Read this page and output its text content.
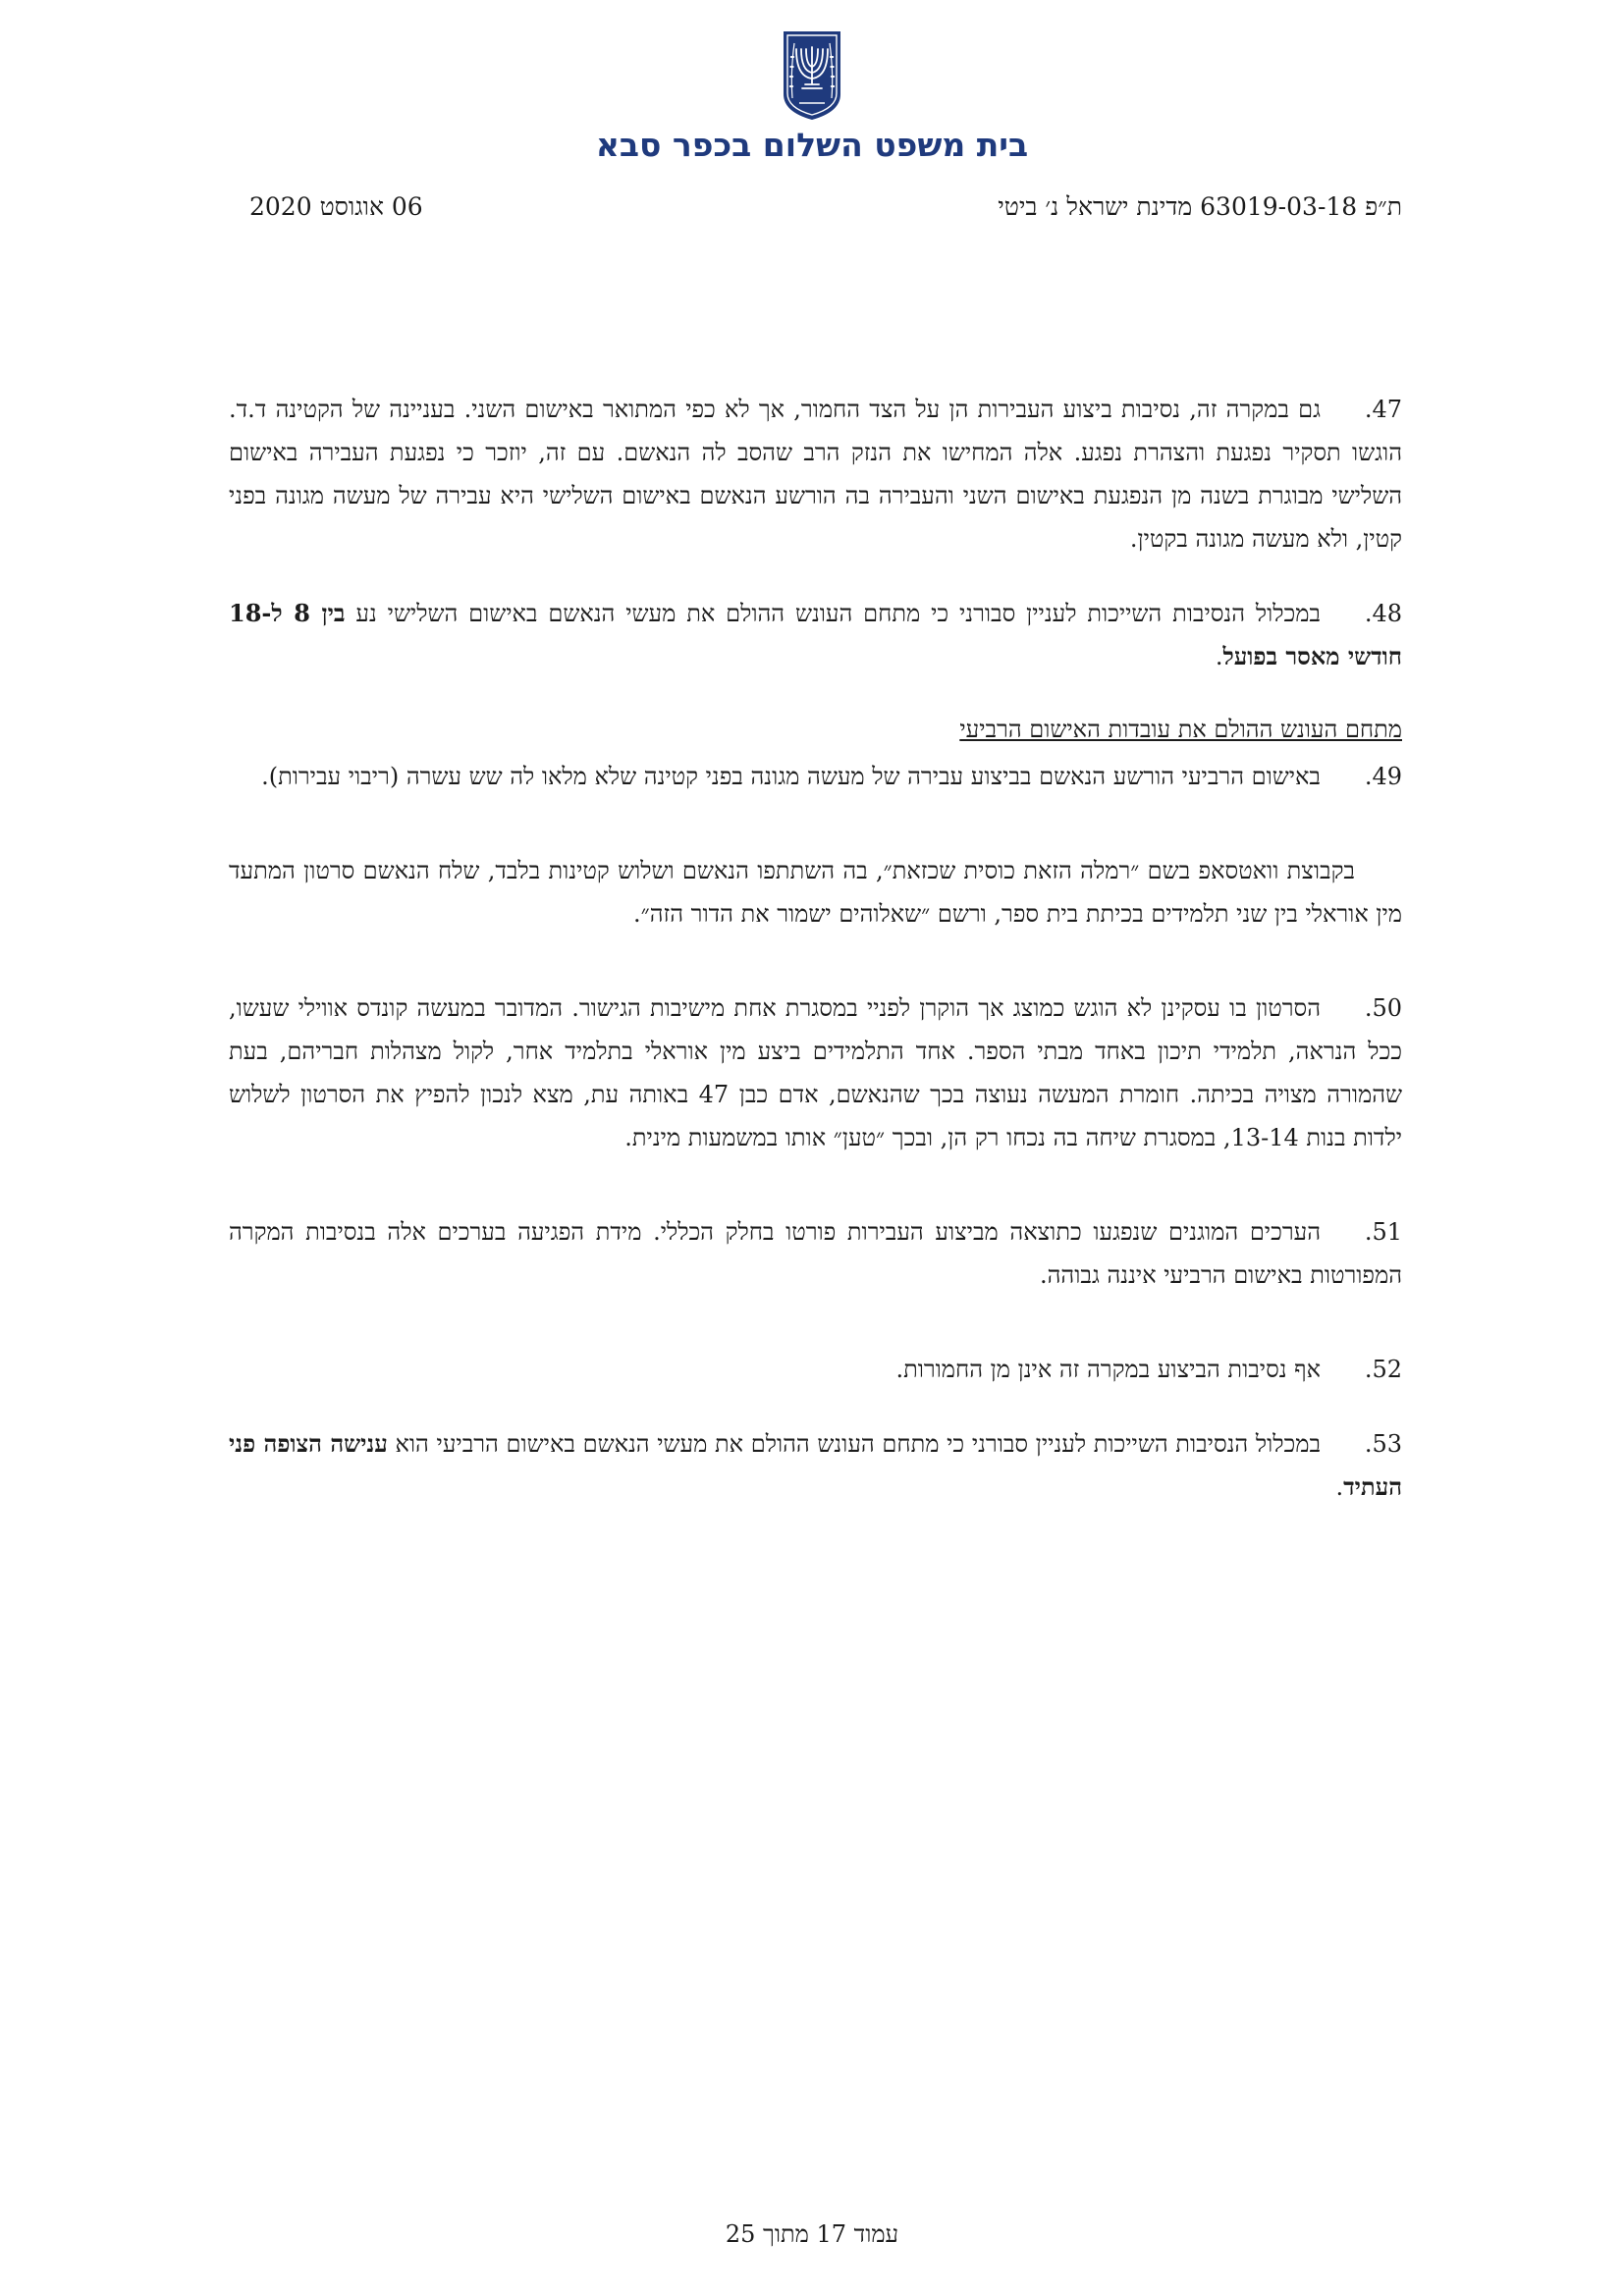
בית משפט השלום בכפר סבא
ת״פ 63019-03-18 מדינת ישראל נ׳ ביטי
06 אוגוסט 2020

47.
גם במקרה זה, נסיבות ביצוע העבירות הן על הצד החמור, אך לא כפי המתואר באישום השני. בעניינה של הקטינה ד.ד. הוגשו תסקיר נפגעת והצהרת נפגע. אלה המחישו את הנזק הרב שהסב לה הנאשם. עם זה, יוזכר כי נפגעת העבירה באישום השלישי מבוגרת בשנה מן הנפגעת באישום השני והעבירה בה הורשע הנאשם באישום השלישי היא עבירה של מעשה מגונה בפני קטין, ולא מעשה מגונה בקטין.

48.
במכלול הנסיבות השייכות לעניין סבורני כי מתחם העונש ההולם את מעשי הנאשם באישום השלישי נע בין 8 ל-18 חודשי מאסר בפועל.

מתחם העונש ההולם את עובדות האישום הרביעי

49.
באישום הרביעי הורשע הנאשם בביצוע עבירה של מעשה מגונה בפני קטינה שלא מלאו לה שש עשרה (ריבוי עבירות).

בקבוצת וואטסאפ בשם ״רמלה הזאת כוסית שכזאת״, בה השתתפו הנאשם ושלוש קטינות בלבד, שלח הנאשם סרטון המתעד מין אוראלי בין שני תלמידים בכיתת בית ספר, ורשם ״שאלוהים ישמור את הדור הזה״.

50.
הסרטון בו עסקינן לא הוגש כמוצג אך הוקרן לפניי במסגרת אחת מישיבות הגישור. המדובר במעשה קונדס אווילי שעשו, ככל הנראה, תלמידי תיכון באחד מבתי הספר. אחד התלמידים ביצע מין אוראלי בתלמיד אחר, לקול מצהלות חבריהם, בעת שהמורה מצויה בכיתה. חומרת המעשה נעוצה בכך שהנאשם, אדם כבן 47 באותה עת, מצא לנכון להפיץ את הסרטון לשלוש ילדות בנות 13-14, במסגרת שיחה בה נכחו רק הן, ובכך ״טען״ אותו במשמעות מינית.

51.
הערכים המוגנים שנפגעו כתוצאה מביצוע העבירות פורטו בחלק הכללי. מידת הפגיעה בערכים אלה בנסיבות המקרה המפורטות באישום הרביעי איננה גבוהה.

52.
אף נסיבות הביצוע במקרה זה אינן מן החמורות.

53.
במכלול הנסיבות השייכות לעניין סבורני כי מתחם העונש ההולם את מעשי הנאשם באישום הרביעי הוא ענישה הצופה פני העתיד.

עמוד 17 מתוך 25
